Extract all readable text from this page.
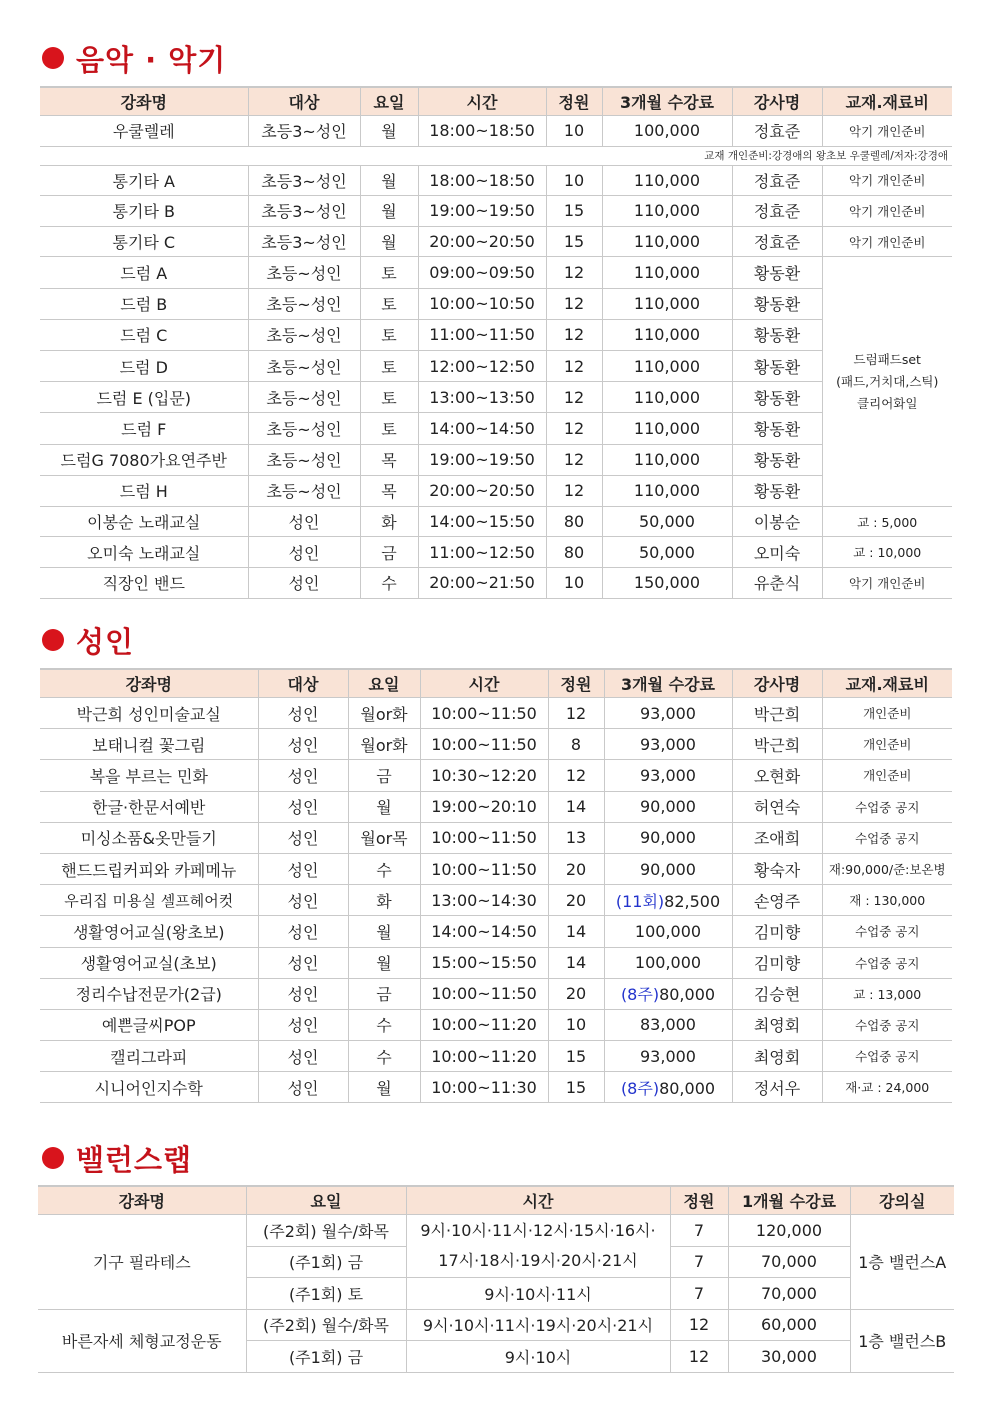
음악 · 악기
강좌명	대상	요일	시간	정원	3개월 수강료	강사명	교재.재료비
우쿨렐레	초등3~성인	월	18:00~18:50	10	100,000	정효준	악기 개인준비
교재 개인준비:강경애의 왕초보 우쿨렐레/저자:강경애							
통기타 A	초등3~성인	월	18:00~18:50	10	110,000	정효준	악기 개인준비
통기타 B	초등3~성인	월	19:00~19:50	15	110,000	정효준	악기 개인준비
통기타 C	초등3~성인	월	20:00~20:50	15	110,000	정효준	악기 개인준비
드럼 A	초등~성인	토	09:00~09:50	12	110,000	황동환	드럼패드set
(패드,거치대,스틱)
클리어화일

드럼 B	초등~성인	토	10:00~10:50	12	110,000	황동환	
드럼 C	초등~성인	토	11:00~11:50	12	110,000	황동환	
드럼 D	초등~성인	토	12:00~12:50	12	110,000	황동환	
드럼 E (입문)	초등~성인	토	13:00~13:50	12	110,000	황동환	
드럼 F	초등~성인	토	14:00~14:50	12	110,000	황동환	
드럼G 7080가요연주반	초등~성인	목	19:00~19:50	12	110,000	황동환	
드럼 H	초등~성인	목	20:00~20:50	12	110,000	황동환	
이봉순 노래교실	성인	화	14:00~15:50	80	50,000	이봉순	교 : 5,000
오미숙 노래교실	성인	금	11:00~12:50	80	50,000	오미숙	교 : 10,000
직장인 밴드	성인	수	20:00~21:50	10	150,000	유춘식	악기 개인준비
성인
강좌명	대상	요일	시간	정원	3개월 수강료	강사명	교재.재료비
박근희 성인미술교실	성인	월or화	10:00~11:50	12	93,000	박근희	개인준비
보태니컬 꽃그림	성인	월or화	10:00~11:50	8	93,000	박근희	개인준비
복을 부르는 민화	성인	금	10:30~12:20	12	93,000	오현화	개인준비
한글·한문서예반	성인	월	19:00~20:10	14	90,000	허연숙	수업중 공지
미싱소품&옷만들기	성인	월or목	10:00~11:50	13	90,000	조애희	수업중 공지
핸드드립커피와 카페메뉴	성인	수	10:00~11:50	20	90,000	황숙자	재:90,000/준:보온병
우리집 미용실 셀프헤어컷	성인	화	13:00~14:30	20	(11회)82,500	손영주	재 : 130,000
생활영어교실(왕초보)	성인	월	14:00~14:50	14	100,000	김미향	수업중 공지
생활영어교실(초보)	성인	월	15:00~15:50	14	100,000	김미향	수업중 공지
정리수납전문가(2급)	성인	금	10:00~11:50	20	(8주)80,000	김승현	교 : 13,000
예쁜글씨POP	성인	수	10:00~11:20	10	83,000	최영회	수업중 공지
캘리그라피	성인	수	10:00~11:20	15	93,000	최영회	수업중 공지
시니어인지수학	성인	월	10:00~11:30	15	(8주)80,000	정서우	재·교 : 24,000
밸런스랩
강좌명	요일	시간	정원	1개월 수강료	강의실
기구 필라테스	(주2회) 월수/화목	9시·10시·11시·12시·15시·16시·
17시·18시·19시·20시·21시	7	120,000	1층 밸런스A
	(주1회) 금		7	70,000	
	(주1회) 토	9시·10시·11시	7	70,000	
바른자세 체형교정운동	(주2회) 월수/화목	9시·10시·11시·19시·20시·21시	12	60,000	1층 밸런스B
	(주1회) 금	9시·10시	12	30,000	
